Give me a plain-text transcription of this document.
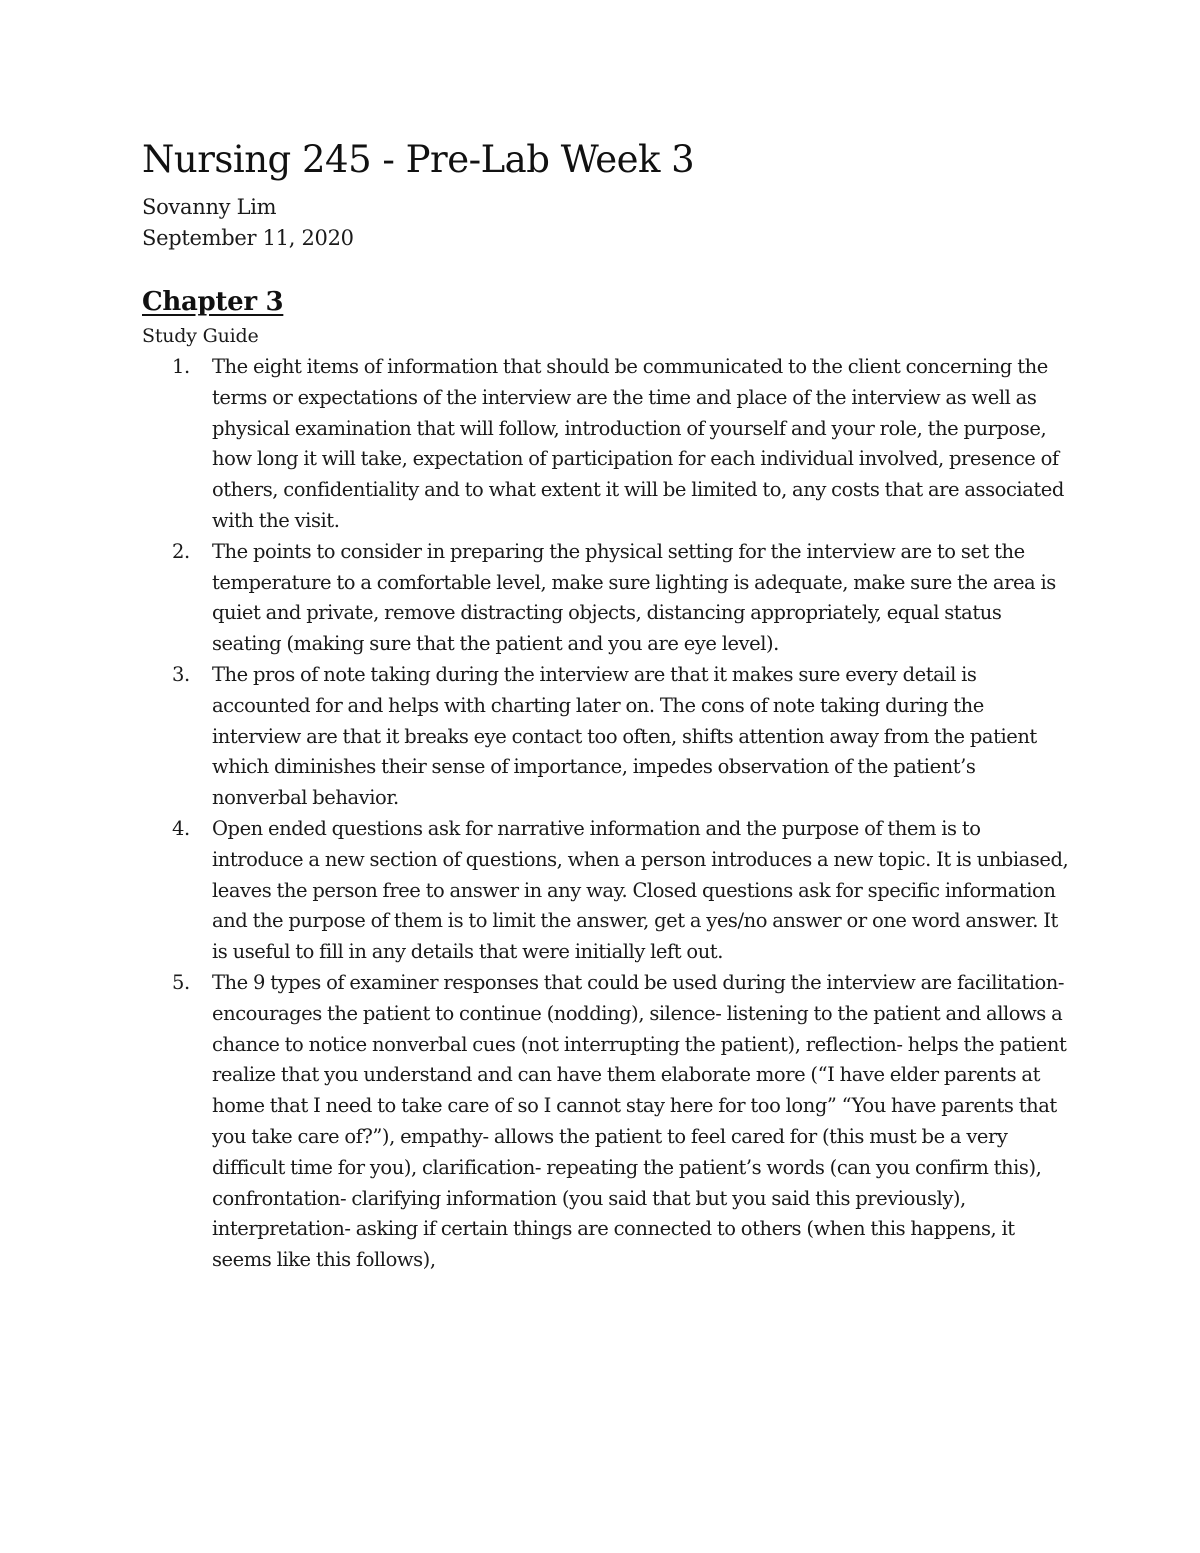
Nursing 245 - Pre-Lab Week 3
Sovanny Lim
September 11, 2020
Chapter 3
Study Guide
1. The eight items of information that should be communicated to the client concerning the terms or expectations of the interview are the time and place of the interview as well as physical examination that will follow, introduction of yourself and your role, the purpose, how long it will take, expectation of participation for each individual involved, presence of others, confidentiality and to what extent it will be limited to, any costs that are associated with the visit.
2. The points to consider in preparing the physical setting for the interview are to set the temperature to a comfortable level, make sure lighting is adequate, make sure the area is quiet and private, remove distracting objects, distancing appropriately, equal status seating (making sure that the patient and you are eye level).
3. The pros of note taking during the interview are that it makes sure every detail is accounted for and helps with charting later on. The cons of note taking during the interview are that it breaks eye contact too often, shifts attention away from the patient which diminishes their sense of importance, impedes observation of the patient’s nonverbal behavior.
4. Open ended questions ask for narrative information and the purpose of them is to introduce a new section of questions, when a person introduces a new topic. It is unbiased, leaves the person free to answer in any way. Closed questions ask for specific information and the purpose of them is to limit the answer, get a yes/no answer or one word answer. It is useful to fill in any details that were initially left out.
5. The 9 types of examiner responses that could be used during the interview are facilitation- encourages the patient to continue (nodding), silence- listening to the patient and allows a chance to notice nonverbal cues (not interrupting the patient), reflection- helps the patient realize that you understand and can have them elaborate more (“I have elder parents at home that I need to take care of so I cannot stay here for too long” “You have parents that you take care of?”), empathy- allows the patient to feel cared for (this must be a very difficult time for you), clarification- repeating the patient’s words (can you confirm this), confrontation- clarifying information (you said that but you said this previously), interpretation- asking if certain things are connected to others (when this happens, it seems like this follows),
